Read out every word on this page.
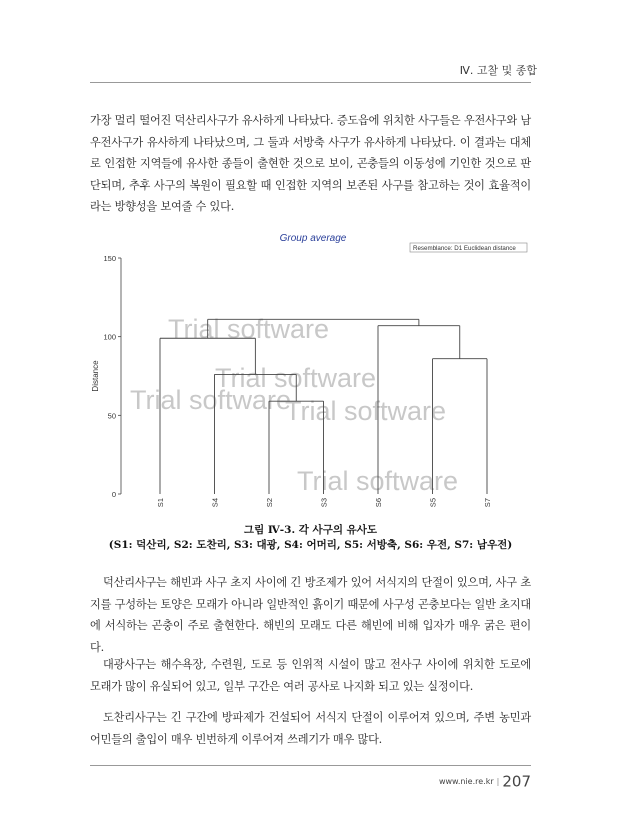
Ⅳ. 고찰 및 종합

가장 멀리 떨어진 덕산리사구가 유사하게 나타났다. 증도읍에 위치한 사구들은 우전사구와 남우전사구가 유사하게 나타났으며, 그 둘과 서방축 사구가 유사하게 나타났다. 이 결과는 대체로 인접한 지역들에 유사한 종들이 출현한 것으로 보이, 곤충들의 이동성에 기인한 것으로 판단되며, 추후 사구의 복원이 필요할 때 인접한 지역의 보존된 사구를 참고하는 것이 효율적이라는 방향성을 보여줄 수 있다.

Trial software
Trial software
Trial software
Trial software
Trial software
Group average
Resemblance: D1 Euclidean distance
0
50
100
150
Distance
S1	S4	S2	S3	S6	S5	S7
그림 Ⅳ-3. 각 사구의 유사도
(S1: 덕산리, S2: 도찬리, S3: 대광, S4: 어머리, S5: 서방축, S6: 우전, S7: 남우전)

덕산리사구는 해빈과 사구 초지 사이에 긴 방조제가 있어 서식지의 단절이 있으며, 사구 초지를 구성하는 토양은 모래가 아니라 일반적인 흙이기 때문에 사구성 곤충보다는 일반 초지대에 서식하는 곤충이 주로 출현한다. 해빈의 모래도 다른 해빈에 비해 입자가 매우 굵은 편이다.

대광사구는 해수욕장, 수련원, 도로 등 인위적 시설이 많고 전사구 사이에 위치한 도로에 모래가 많이 유실되어 있고, 일부 구간은 여러 공사로 나지화 되고 있는 실정이다.

도찬리사구는 긴 구간에 방파제가 건설되어 서식지 단절이 이루어져 있으며, 주변 농민과 어민들의 출입이 매우 빈번하게 이루어져 쓰레기가 매우 많다.

www.nie.re.kr | 207
